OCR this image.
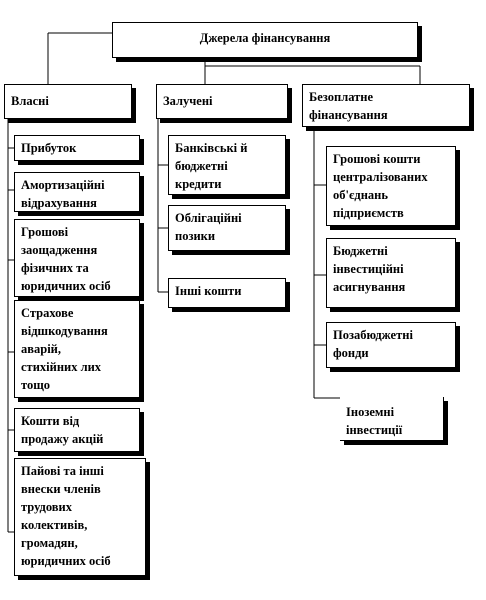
Джерела фінансування
Власні	Залучені	Безоплатне
фінансування
Прибуток
Амортизаційні
відрахування
Грошові
заощадження
фізичних та
юридичних осіб
Страхове
відшкодування
аварій,
стихійних лих
тощо
Кошти від
продажу акцій
Пайові та інші
внески членів
трудових
колективів,
громадян,
юридичних осіб
Банківські й
бюджетні
кредити
Облігаційні
позики
Інші кошти
Грошові кошти
централізованих
об'єднань
підприємств
Бюджетні
інвестиційні
асигнування
Позабюджетні
фонди
Іноземні
інвестиції
